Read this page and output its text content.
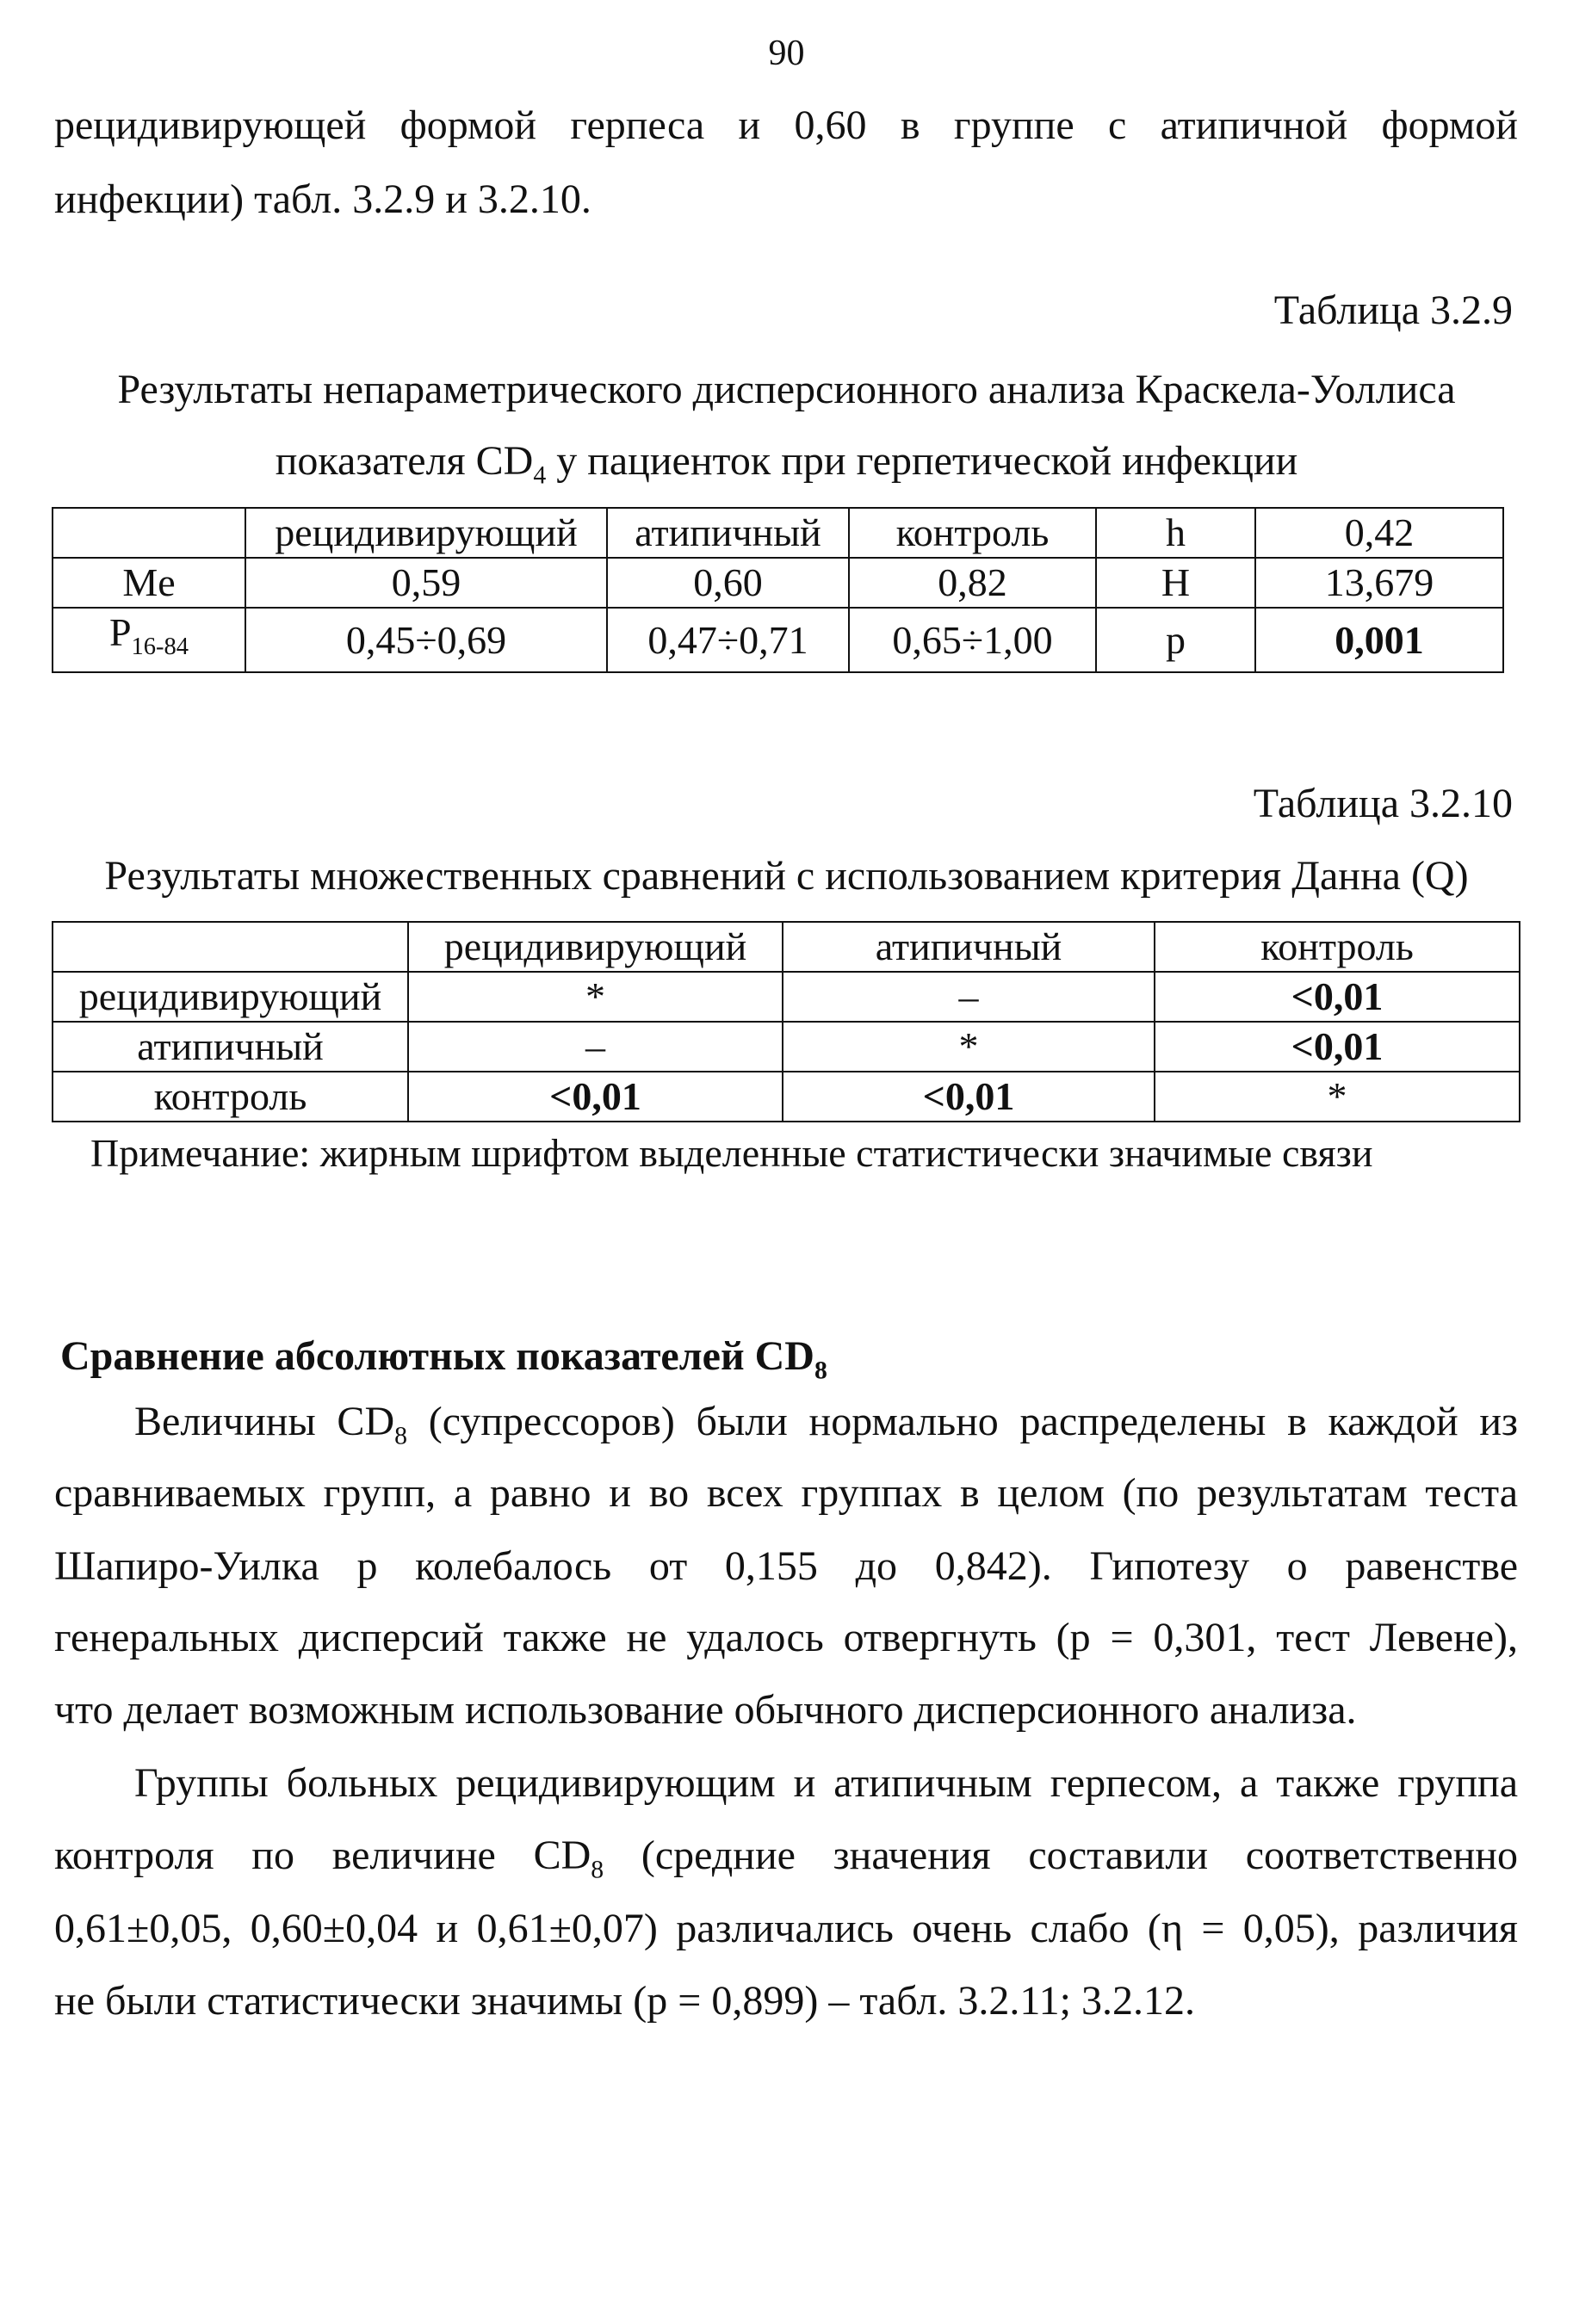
90
рецидивирующей формой герпеса и 0,60 в группе с атипичной формой
инфекции) табл. 3.2.9 и 3.2.10.
Таблица 3.2.9
Результаты непараметрического дисперсионного анализа Краскела-Уоллиса
показателя $CD_4$ у пациенток при герпетической инфекции
	рецидивирующий	атипичный	контроль	h	0,42
Me	0,59	0,60	0,82	H	13,679
$P_{16-84}$	0,45÷0,69	0,47÷0,71	0,65÷1,00	p	0,001
Таблица 3.2.10
Результаты множественных сравнений с использованием критерия Данна (Q)
	рецидивирующий	атипичный	контроль
рецидивирующий	*	–	<0,01
атипичный	–	*	<0,01
контроль	<0,01	<0,01	*
Примечание: жирным шрифтом выделенные статистически значимые связи
Сравнение абсолютных показателей $CD_8$
Величины $CD_8$ (супрессоров) были нормально распределены в каждой из
сравниваемых групп, а равно и во всех группах в целом (по результатам теста
Шапиро-Уилка p колебалось от 0,155 до 0,842). Гипотезу о равенстве
генеральных дисперсий также не удалось отвергнуть (p = 0,301, тест Левене),
что делает возможным использование обычного дисперсионного анализа.
Группы больных рецидивирующим и атипичным герпесом, а также группа
контроля по величине $CD_8$ (средние значения составили соответственно
0,61±0,05, 0,60±0,04 и 0,61±0,07) различались очень слабо (η = 0,05), различия
не были статистически значимы (p = 0,899) – табл. 3.2.11; 3.2.12.
